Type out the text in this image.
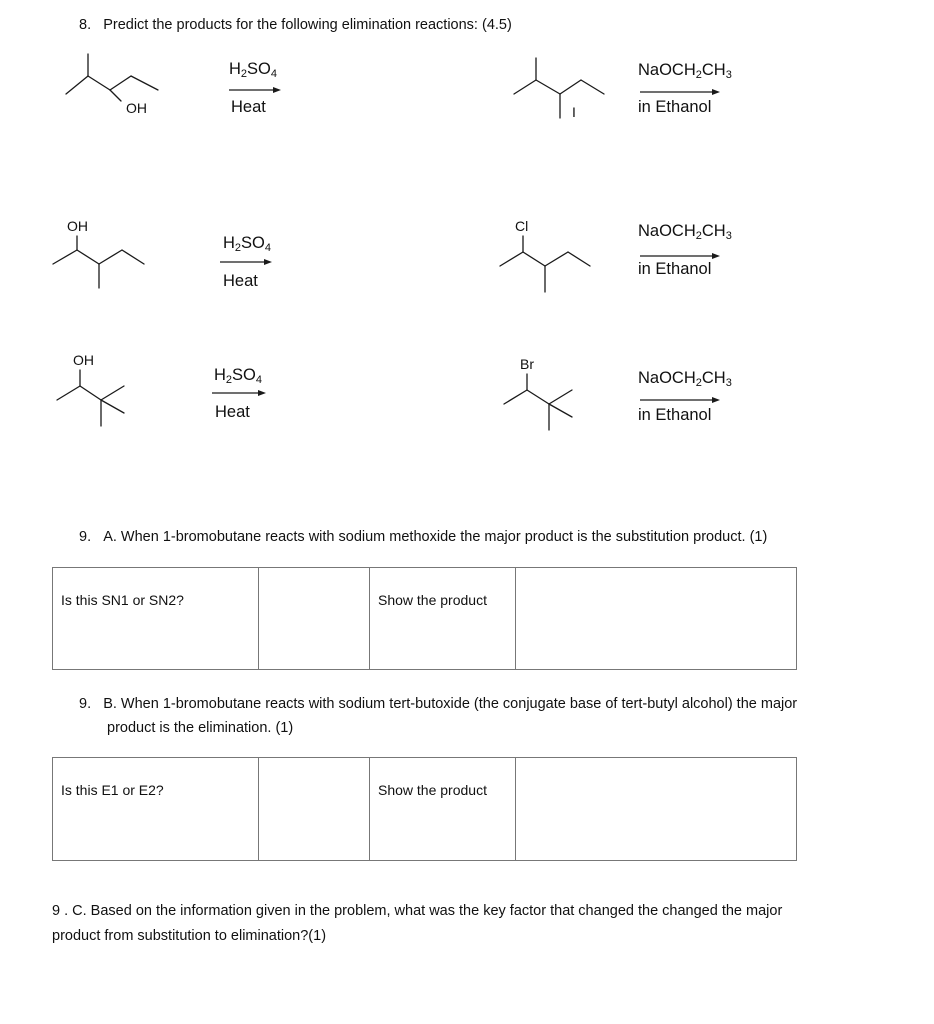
8. Predict the products for the following elimination reactions: (4.5)
OH
$H_2SO_4$
Heat	I
$NaOCH_2CH_3$
in Ethanol
OH
$H_2SO_4$
Heat
Cl	$NaOCH_2CH_3$
in Ethanol
OH
$H_2SO_4$
Heat
Br
$NaOCH_2CH_3$
in Ethanol
9. A. When 1-bromobutane reacts with sodium methoxide the major product is the substitution product. (1)
Is this SN1 or SN2?		Show the product

9. B. When 1-bromobutane reacts with sodium tert-butoxide (the conjugate base of tert-butyl alcohol) the major
product is the elimination. (1)
Is this E1 or E2?		Show the product

9 . C. Based on the information given in the problem, what was the key factor that changed the changed the major
product from substitution to elimination?(1)
